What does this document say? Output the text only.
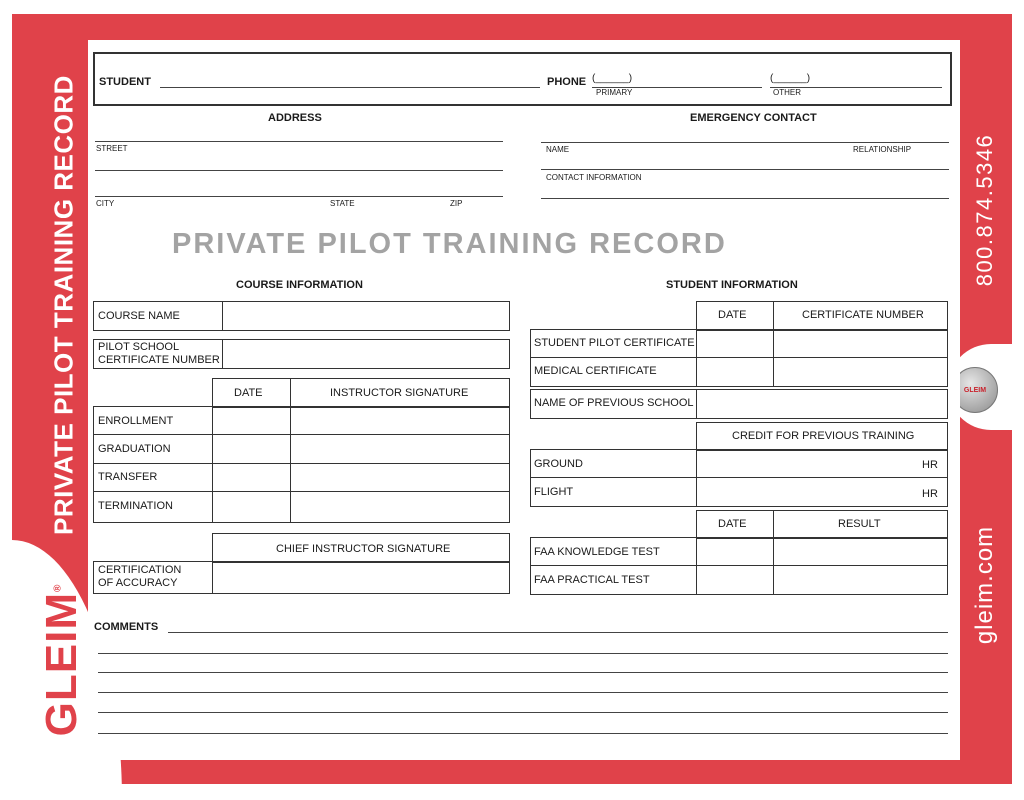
PRIVATE PILOT TRAINING RECORD
GLEIM®
800.874.5346
gleim.com
GLEIM
STUDENT	PHONE (______)
PRIMARY
(______)
OTHER
ADDRESS
STREET
CITY	STATE	ZIP
EMERGENCY CONTACT
NAME	RELATIONSHIP
CONTACT INFORMATION
PRIVATE PILOT TRAINING RECORD
COURSE INFORMATION
COURSE NAME
PILOT SCHOOL
CERTIFICATE NUMBER
DATE	INSTRUCTOR SIGNATURE
ENROLLMENT
GRADUATION
TRANSFER
TERMINATION
CHIEF INSTRUCTOR SIGNATURE
CERTIFICATION
OF ACCURACY
STUDENT INFORMATION
DATE	CERTIFICATE NUMBER
STUDENT PILOT CERTIFICATE
MEDICAL CERTIFICATE
NAME OF PREVIOUS SCHOOL
CREDIT FOR PREVIOUS TRAINING
GROUND	HR
FLIGHT	HR
DATE	RESULT
FAA KNOWLEDGE TEST
FAA PRACTICAL TEST
COMMENTS
